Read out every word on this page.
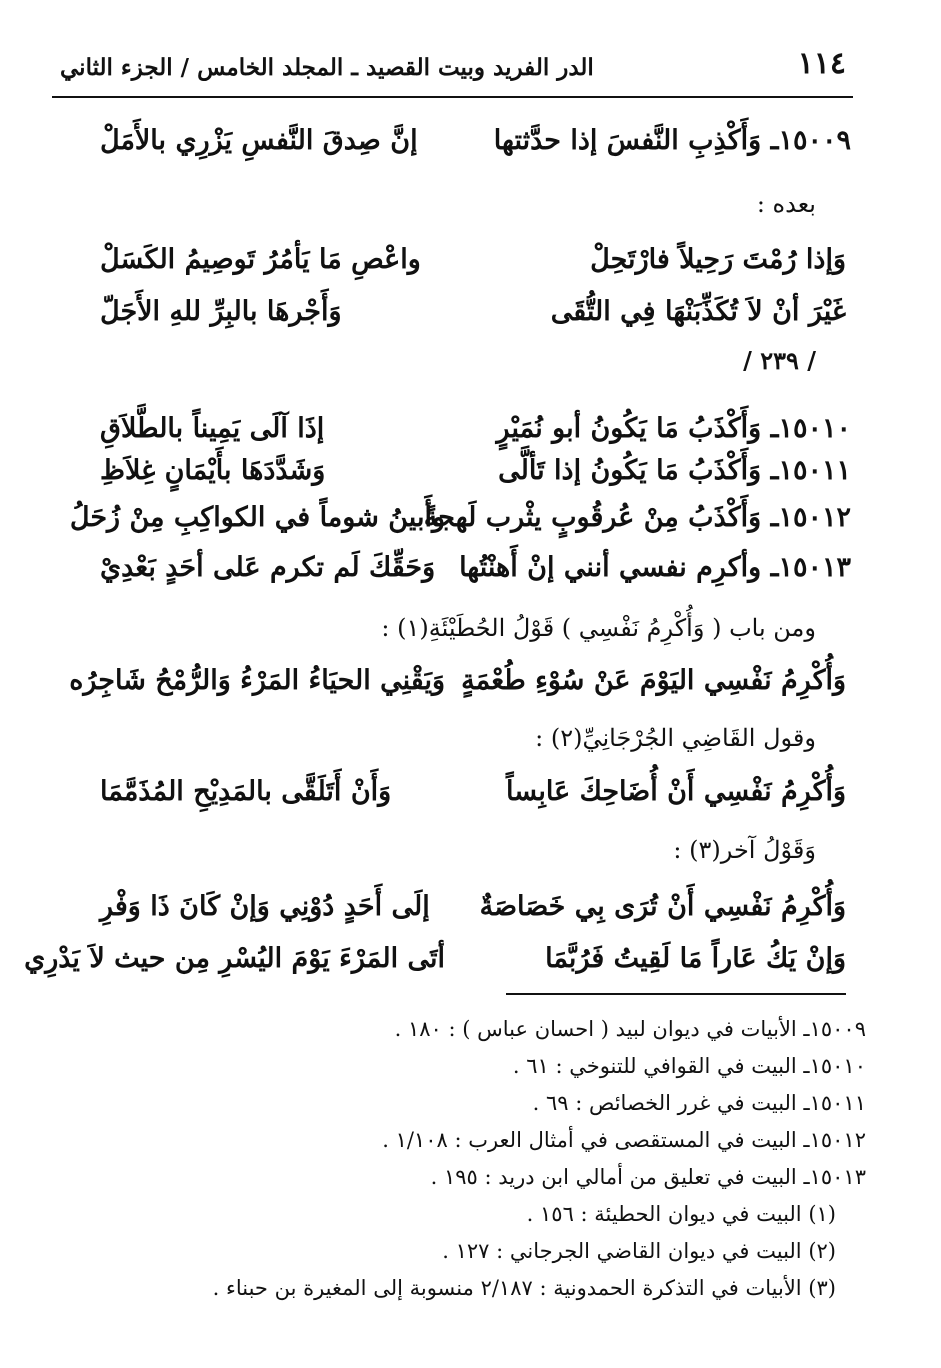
١١٤
الدر الفريد وبيت القصيد ـ المجلد الخامس / الجزء الثاني
١٥٠٠٩ـ وَأَكْذِبِ النَّفسَ إذا حدَّثتها
إنَّ صِدقَ النَّفسِ يَزْرِي بالأَمَلْ
بعده :
وَإذا رُمْتَ رَحِيلاً فارْتَحِلْ
واعْصِ مَا يَأمُرُ تَوصِيمُ الكَسَلْ
غَيْرَ أنْ لاَ تُكَذِّبَنْهَا فِي التُّقَى
وَأَجْرهَا بالبِرِّ للهِ الأَجَلّ
/ ٢٣٩ /
١٥٠١٠ـ وَأَكْذَبُ مَا يَكُونُ أبو نُمَيْرٍ
إذَا آلَى يَمِيناً بالطَّلاَقِ
١٥٠١١ـ وَأَكْذَبُ مَا يَكُونُ إذا تَألَّى
وَشَدَّدَهَا بأَيْمَانٍ غِلاَظِ
١٥٠١٢ـ وَأَكْذَبُ مِنْ عُرقُوبٍ يثْرب لَهجةً
وأَبينُ شوماً في الكواكِبِ مِنْ زُحَلُ
١٥٠١٣ـ وأكرِم نفسي أنني إنْ أَهنْتُها
وَحَقِّكَ لَم تكرم عَلى أحَدٍ بَعْدِيْ
ومن باب ( وَأُكْرِمُ نَفْسِي ) قَوْلُ الحُطَيْئَةِ(١) :
وَأُكْرِمُ نَفْسِي اليَوْمَ عَنْ سُوْءِ طُعْمَةٍ
وَيَقْنِي الحيَاءُ المَرْءُ وَالرُّمْحُ شَاجِرُه
وقول القَاضِي الجُرْجَانِيِّ(٢) :
وَأُكْرِمُ نَفْسِي أَنْ أُضَاحِكَ عَابِساً
وَأَنْ أَتَلَقَّى بالمَدِيْحِ المُذَمَّمَا
وَقَوْلُ آخر(٣) :
وَأُكْرِمُ نَفْسِي أَنْ تُرَى بِي خَصَاصَةٌ
إلَى أَحَدٍ دُوْنِي وَإنْ كَانَ ذَا وَفْرِ
وَإنْ يَكُ عَاراً مَا لَقِيتُ فَرُبَّمَا
أتَى المَرْءَ يَوْمَ اليُسْرِ مِن حيث لاَ يَدْرِي
١٥٠٠٩ـ الأبيات في ديوان لبيد ( احسان عباس ) : ١٨٠ .
١٥٠١٠ـ البيت في القوافي للتنوخي : ٦١ .
١٥٠١١ـ البيت في غرر الخصائص : ٦٩ .
١٥٠١٢ـ البيت في المستقصى في أمثال العرب : ١/١٠٨ .
١٥٠١٣ـ البيت في تعليق من أمالي ابن دريد : ١٩٥ .
(١) البيت في ديوان الحطيئة : ١٥٦ .
(٢) البيت في ديوان القاضي الجرجاني : ١٢٧ .
(٣) الأبيات في التذكرة الحمدونية : ٢/١٨٧ منسوبة إلى المغيرة بن حبناء .
